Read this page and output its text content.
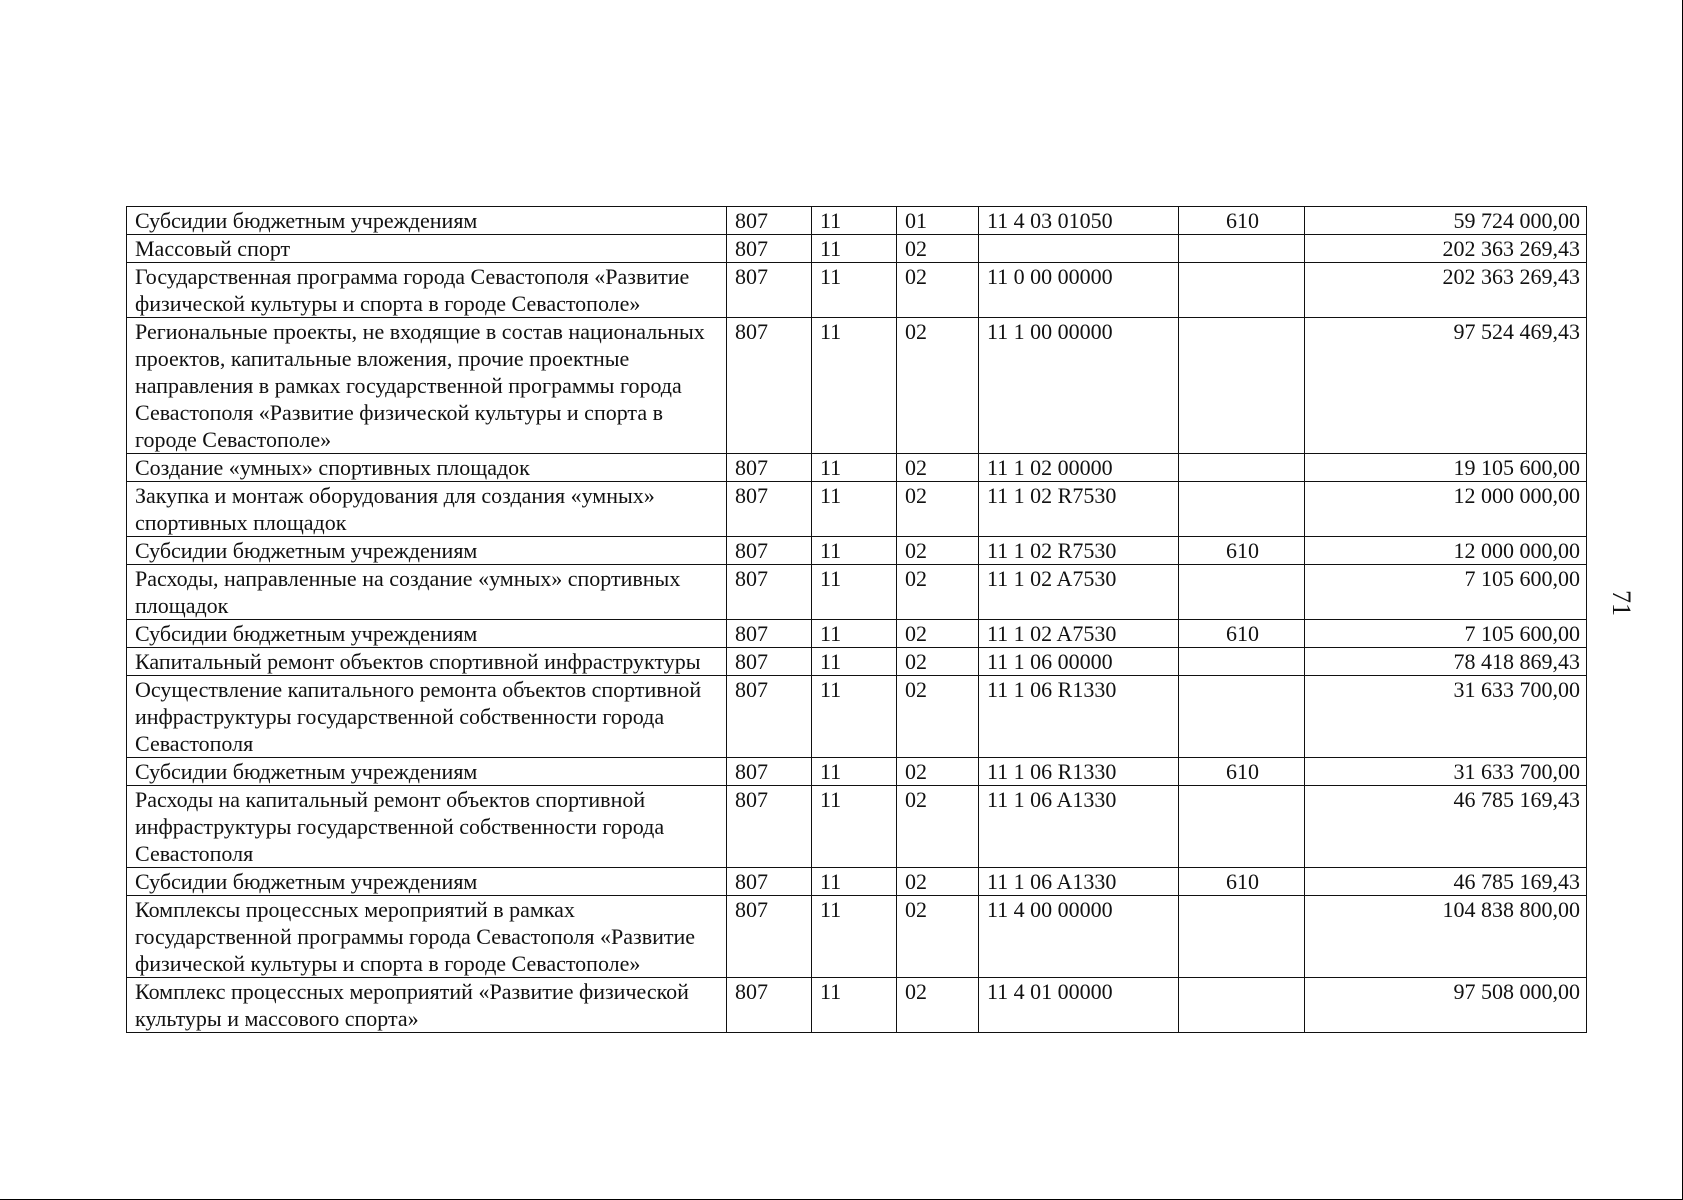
Субсидии бюджетным учреждениям	807	11	01	11 4 03 01050	610	59 724 000,00
Массовый спорт	807	11	02			202 363 269,43
Государственная программа города Севастополя «Развитие физической культуры и спорта в городе Севастополе»	807	11	02	11 0 00 00000		202 363 269,43
Региональные проекты, не входящие в состав национальных проектов, капитальные вложения, прочие проектные направления в рамках государственной программы города Севастополя «Развитие физической культуры и спорта в городе Севастополе»	807	11	02	11 1 00 00000		97 524 469,43
Создание «умных» спортивных площадок	807	11	02	11 1 02 00000		19 105 600,00
Закупка и монтаж оборудования для создания «умных» спортивных площадок	807	11	02	11 1 02 R7530		12 000 000,00
Субсидии бюджетным учреждениям	807	11	02	11 1 02 R7530	610	12 000 000,00
Расходы, направленные на создание «умных» спортивных площадок	807	11	02	11 1 02 A7530		7 105 600,00
Субсидии бюджетным учреждениям	807	11	02	11 1 02 A7530	610	7 105 600,00
Капитальный ремонт объектов спортивной инфраструктуры	807	11	02	11 1 06 00000		78 418 869,43
Осуществление капитального ремонта объектов спортивной инфраструктуры государственной собственности города Севастополя	807	11	02	11 1 06 R1330		31 633 700,00
Субсидии бюджетным учреждениям	807	11	02	11 1 06 R1330	610	31 633 700,00
Расходы на капитальный ремонт объектов спортивной инфраструктуры государственной собственности города Севастополя	807	11	02	11 1 06 A1330		46 785 169,43
Субсидии бюджетным учреждениям	807	11	02	11 1 06 A1330	610	46 785 169,43
Комплексы процессных мероприятий в рамках государственной программы города Севастополя «Развитие физической культуры и спорта в городе Севастополе»	807	11	02	11 4 00 00000		104 838 800,00
Комплекс процессных мероприятий «Развитие физической культуры и массового спорта»	807	11	02	11 4 01 00000		97 508 000,00
71
